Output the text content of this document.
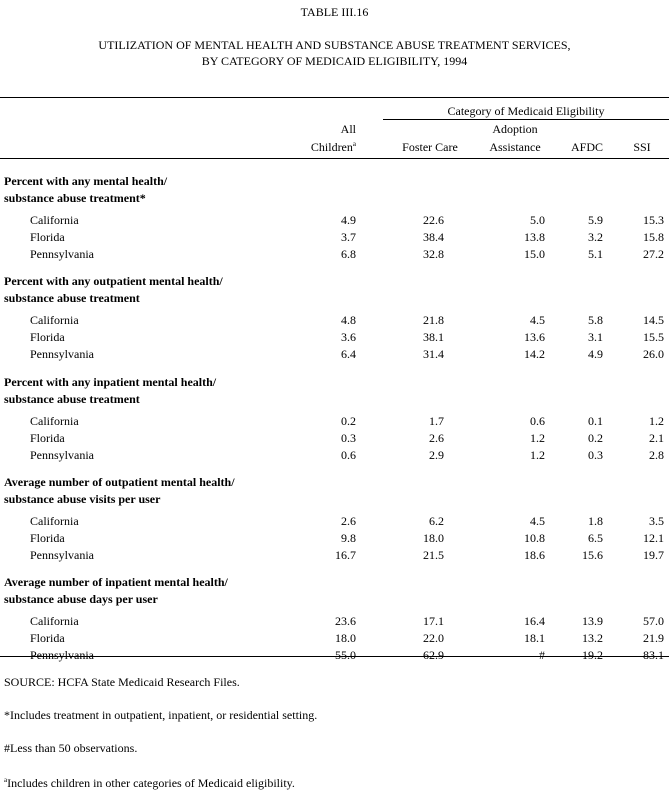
TABLE III.16
UTILIZATION OF MENTAL HEALTH AND SUBSTANCE ABUSE TREATMENT SERVICES,
BY CATEGORY OF MEDICAID ELIGIBILITY, 1994
Category of Medicaid Eligibility
All
Children$^a$	Foster Care
Adoption
Assistance	AFDC	SSI
Percent with any mental health/
substance abuse treatment*
California	4.9	22.6	5.0	5.9	15.3
Florida	3.7	38.4	13.8	3.2	15.8
Pennsylvania	6.8	32.8	15.0	5.1	27.2
Percent with any outpatient mental health/
substance abuse treatment
California	4.8	21.8	4.5	5.8	14.5
Florida	3.6	38.1	13.6	3.1	15.5
Pennsylvania	6.4	31.4	14.2	4.9	26.0
Percent with any inpatient mental health/
substance abuse treatment
California	0.2	1.7	0.6	0.1	1.2
Florida	0.3	2.6	1.2	0.2	2.1
Pennsylvania	0.6	2.9	1.2	0.3	2.8
Average number of outpatient mental health/
substance abuse visits per user
California	2.6	6.2	4.5	1.8	3.5
Florida	9.8	18.0	10.8	6.5	12.1
Pennsylvania	16.7	21.5	18.6	15.6	19.7
Average number of inpatient mental health/
substance abuse days per user
California	23.6	17.1	16.4	13.9	57.0
Florida	18.0	22.0	18.1	13.2	21.9
Pennsylvania	55.0	62.9	#	19.2	83.1
SOURCE: HCFA State Medicaid Research Files.
*Includes treatment in outpatient, inpatient, or residential setting.
#Less than 50 observations.
$^a$Includes children in other categories of Medicaid eligibility.
